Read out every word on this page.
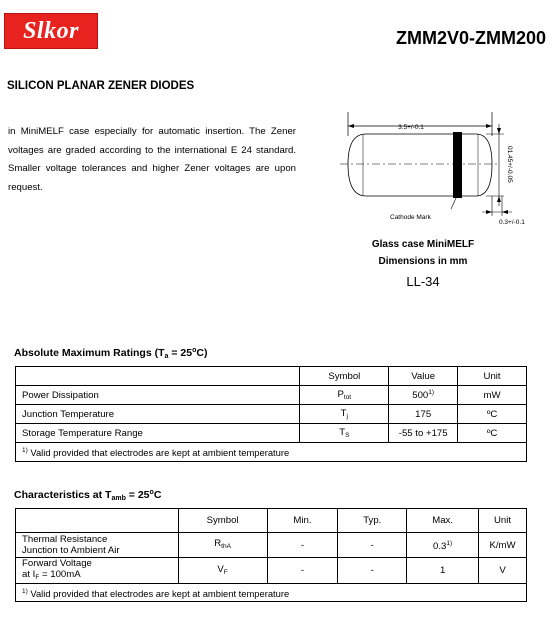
Slkor	ZMM2V0-ZMM200
SILICON PLANAR ZENER DIODES
in MiniMELF case especially for automatic insertion. The Zener voltages are graded according to the international E 24 standard. Smaller voltage tolerances and higher Zener voltages are upon request.
3.5+/-0.1
01.45+/-0.05
0.3+/-0.1
Cathode Mark
Glass case MiniMELF
Dimensions in mm
LL-34
Absolute Maximum Ratings $(T_a = 25^oC)$
	Symbol	Value	Unit
Power Dissipation	$P_{tot}$	500$^{1)}$	mW
Junction Temperature	$T_j$	175	ºC
Storage Temperature Range	$T_S$	-55 to +175	ºC
$^{1)}$ Valid provided that electrodes are kept at ambient temperature			
Characteristics at $T_{amb} = 25^oC$
	Symbol	Min.	Typ.	Max.	Unit

Thermal Resistance
Junction to Ambient Air	$R_{thA}$	-	-	0.3$^{1)}$	K/mW

Forward Voltage
at $I_F = 100mA$	$V_F$	-	-	1	V
$^{1)}$ Valid provided that electrodes are kept at ambient temperature					
